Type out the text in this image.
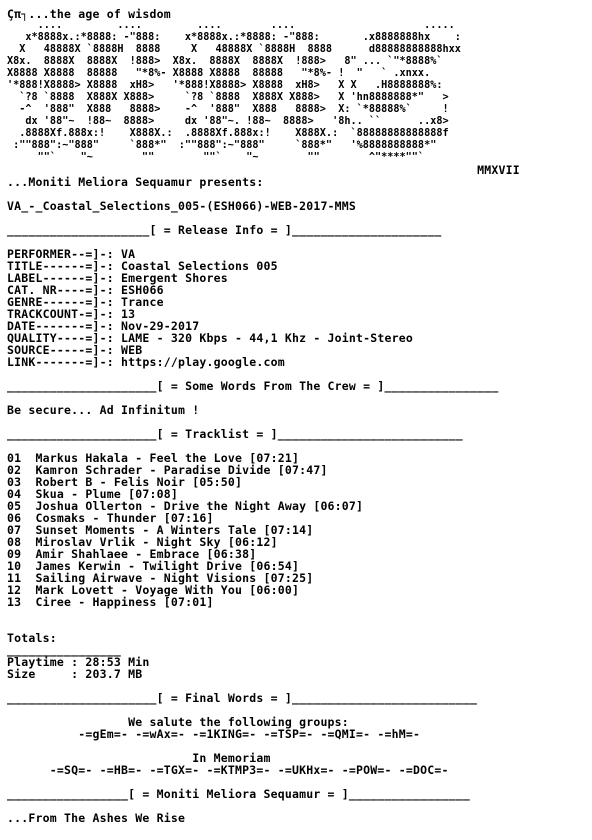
Çπ┐...the age of wisdom
....         ....         ....        ....                     .....
x*8888x.:*8888: -"888:    x*8888x.:*8888: -"888:       .x8888888hx    :
X   48888X `8888H  8888     X   48888X `8888H  8888      d88888888888hxx
X8x.  8888X  8888X  !888>  X8x.  8888X  8888X  !888>   8" ... `"*8888%`
X8888 X8888  88888   "*8%- X8888 X8888  88888   "*8%- !  "   ` .xnxx.
'*888!X8888> X8888  xH8>   '*888!X8888> X8888  xH8>   X X   .H8888888%:
`?8 `8888  X888X X888>     `?8 `8888  X888X X888>   X 'hn8888888*"   >
-^  '888"  X888   8888>    -^  '888"  X888   8888>  X: `*88888%`     !
dx '88"~  !88~  8888>     dx '88"~. !88~  8888>   '8h.. ``      ..x8>
.8888Xf.888x:!    X888X.:  .8888Xf.888x:!    X888X.:  `88888888888888f
:""888":~"888"     `888*"  :""888":~"888"     `888*"   '%8888888888*"
""`    "~        ""        ""`    "~        ""        ^"****""`
MMXVII
...Moniti Meliora Sequamur presents:
VA_-_Coastal_Selections_005-(ESH066)-WEB-2017-MMS
____________________[ = Release Info = ]_____________________
PERFORMER--=]-: VA
TITLE------=]-: Coastal Selections 005
LABEL------=]-: Emergent Shores
CAT. NR----=]-: ESH066
GENRE------=]-: Trance
TRACKCOUNT-=]-: 13
DATE-------=]-: Nov-29-2017
QUALITY----=]-: LAME - 320 Kbps - 44,1 Khz - Joint-Stereo
SOURCE-----=]-: WEB
LINK-------=]-: https://play.google.com
_____________________[ = Some Words From The Crew = ]________________
Be secure... Ad Infinitum !
_____________________[ = Tracklist = ]__________________________
01  Markus Hakala - Feel the Love [07:21]
02  Kamron Schrader - Paradise Divide [07:47]
03  Robert B - Felis Noir [05:50]
04  Skua - Plume [07:08]
05  Joshua Ollerton - Drive the Night Away [06:07]
06  Cosmaks - Thunder [07:16]
07  Sunset Moments - A Winters Tale [07:14]
08  Miroslav Vrlik - Night Sky [06:12]
09  Amir Shahlaee - Embrace [06:38]
10  James Kerwin - Twilight Drive [06:54]
11  Sailing Airwave - Night Visions [07:25]
12  Mark Lovett - Voyage With You [06:00]
13  Ciree - Happiness [07:01]
Totals:
________________
Playtime : 28:53 Min
Size     : 203.7 MB
_____________________[ = Final Words = ]__________________________
We salute the following groups:
-=gEm=- -=wAx=- -=1KING=- -=TSP=- -=QMI=- -=hM=-
In Memoriam
-=SQ=- -=HB=- -=TGX=- -=KTMP3=- -=UKHx=- -=POW=- -=DOC=-
_________________[ = Moniti Meliora Sequamur = ]_________________
...From The Ashes We Rise
